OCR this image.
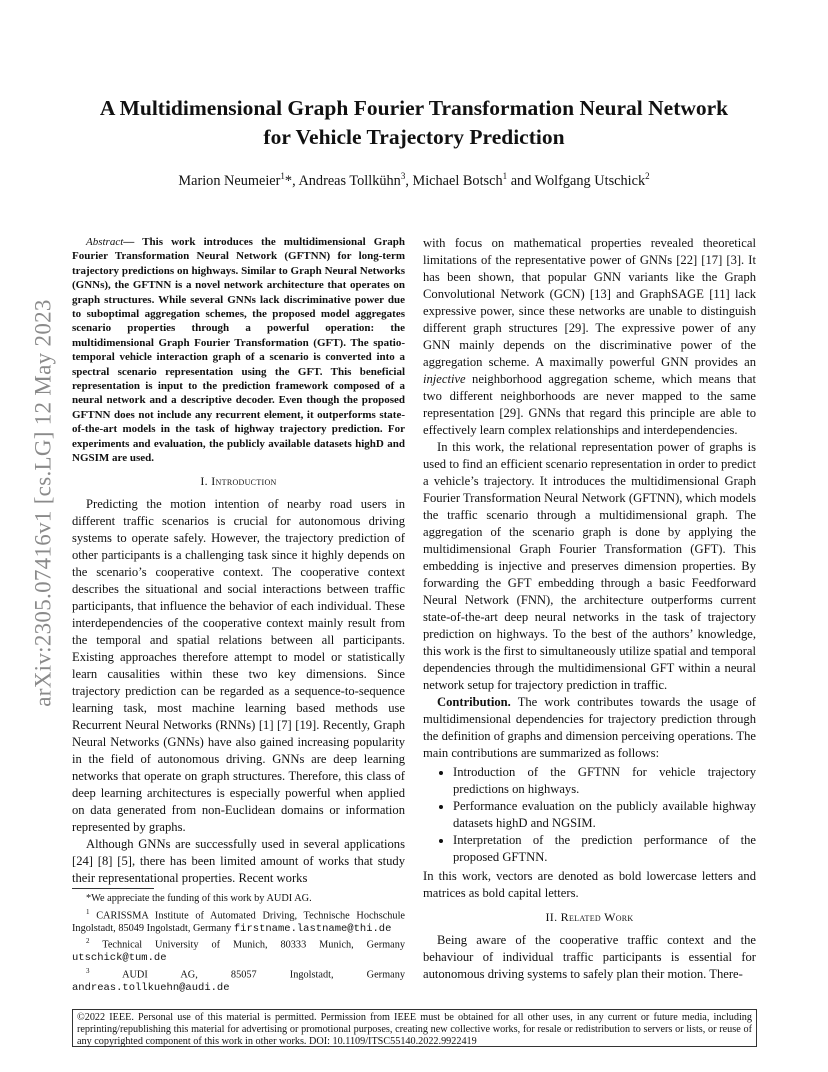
arXiv:2305.07416v1 [cs.LG] 12 May 2023
A Multidimensional Graph Fourier Transformation Neural Network
for Vehicle Trajectory Prediction
Marion Neumeier$^1$*, Andreas Tollkühn$^3$, Michael Botsch$^1$ and Wolfgang Utschick$^2$

Abstract— This work introduces the multidimensional Graph Fourier Transformation Neural Network (GFTNN) for long-term trajectory predictions on highways. Similar to Graph Neural Networks (GNNs), the GFTNN is a novel network architecture that operates on graph structures. While several GNNs lack discriminative power due to suboptimal aggregation schemes, the proposed model aggregates scenario properties through a powerful operation: the multidimensional Graph Fourier Transformation (GFT). The spatio-temporal vehicle interaction graph of a scenario is converted into a spectral scenario representation using the GFT. This beneficial representation is input to the prediction framework composed of a neural network and a descriptive decoder. Even though the proposed GFTNN does not include any recurrent element, it outperforms state-of-the-art models in the task of highway trajectory prediction. For experiments and evaluation, the publicly available datasets highD and NGSIM are used.

I. Introduction

Predicting the motion intention of nearby road users in different traffic scenarios is crucial for autonomous driving systems to operate safely. However, the trajectory prediction of other participants is a challenging task since it highly depends on the scenario’s cooperative context. The cooperative context describes the situational and social interactions between traffic participants, that influence the behavior of each individual. These interdependencies of the cooperative context mainly result from the temporal and spatial relations between all participants. Existing approaches therefore attempt to model or statistically learn causalities within these two key dimensions. Since trajectory prediction can be regarded as a sequence-to-sequence learning task, most machine learning based methods use Recurrent Neural Networks (RNNs) [1] [7] [19]. Recently, Graph Neural Networks (GNNs) have also gained increasing popularity in the field of autonomous driving. GNNs are deep learning networks that operate on graph structures. Therefore, this class of deep learning architectures is especially powerful when applied on data generated from non-Euclidean domains or information represented by graphs.

Although GNNs are successfully used in several applications [24] [8] [5], there has been limited amount of works that study their representational properties. Recent works

with focus on mathematical properties revealed theoretical limitations of the representative power of GNNs [22] [17] [3]. It has been shown, that popular GNN variants like the Graph Convolutional Network (GCN) [13] and GraphSAGE [11] lack expressive power, since these networks are unable to distinguish different graph structures [29]. The expressive power of any GNN mainly depends on the discriminative power of the aggregation scheme. A maximally powerful GNN provides an injective neighborhood aggregation scheme, which means that two different neighborhoods are never mapped to the same representation [29]. GNNs that regard this principle are able to effectively learn complex relationships and interdependencies.

In this work, the relational representation power of graphs is used to find an efficient scenario representation in order to predict a vehicle’s trajectory. It introduces the multidimensional Graph Fourier Transformation Neural Network (GFTNN), which models the traffic scenario through a multidimensional graph. The aggregation of the scenario graph is done by applying the multidimensional Graph Fourier Transformation (GFT). This embedding is injective and preserves dimension properties. By forwarding the GFT embedding through a basic Feedforward Neural Network (FNN), the architecture outperforms current state-of-the-art deep neural networks in the task of trajectory prediction on highways. To the best of the authors’ knowledge, this work is the first to simultaneously utilize spatial and temporal dependencies through the multidimensional GFT within a neural network setup for trajectory prediction in traffic.

Contribution. The work contributes towards the usage of multidimensional dependencies for trajectory prediction through the definition of graphs and dimension perceiving operations. The main contributions are summarized as follows:

• Introduction of the GFTNN for vehicle trajectory predictions on highways.
• Performance evaluation on the publicly available highway datasets highD and NGSIM.
• Interpretation of the prediction performance of the proposed GFTNN.

In this work, vectors are denoted as bold lowercase letters and matrices as bold capital letters.

II. Related Work

Being aware of the cooperative traffic context and the behaviour of individual traffic participants is essential for autonomous driving systems to safely plan their motion. There-

*We appreciate the funding of this work by AUDI AG.

$^1$ CARISSMA Institute of Automated Driving, Technische Hochschule Ingolstadt, 85049 Ingolstadt, Germany firstname.lastname@thi.de

$^2$ Technical University of Munich, 80333 Munich, Germany utschick@tum.de

$^3$	AUDI AG, 85057 Ingolstadt, Germany andreas.tollkuehn@audi.de

©2022 IEEE. Personal use of this material is permitted. Permission from IEEE must be obtained for all other uses, in any current or future media, including reprinting/republishing this material for advertising or promotional purposes, creating new collective works, for resale or redistribution to servers or lists, or reuse of any copyrighted component of this work in other works. DOI: 10.1109/ITSC55140.2022.9922419
